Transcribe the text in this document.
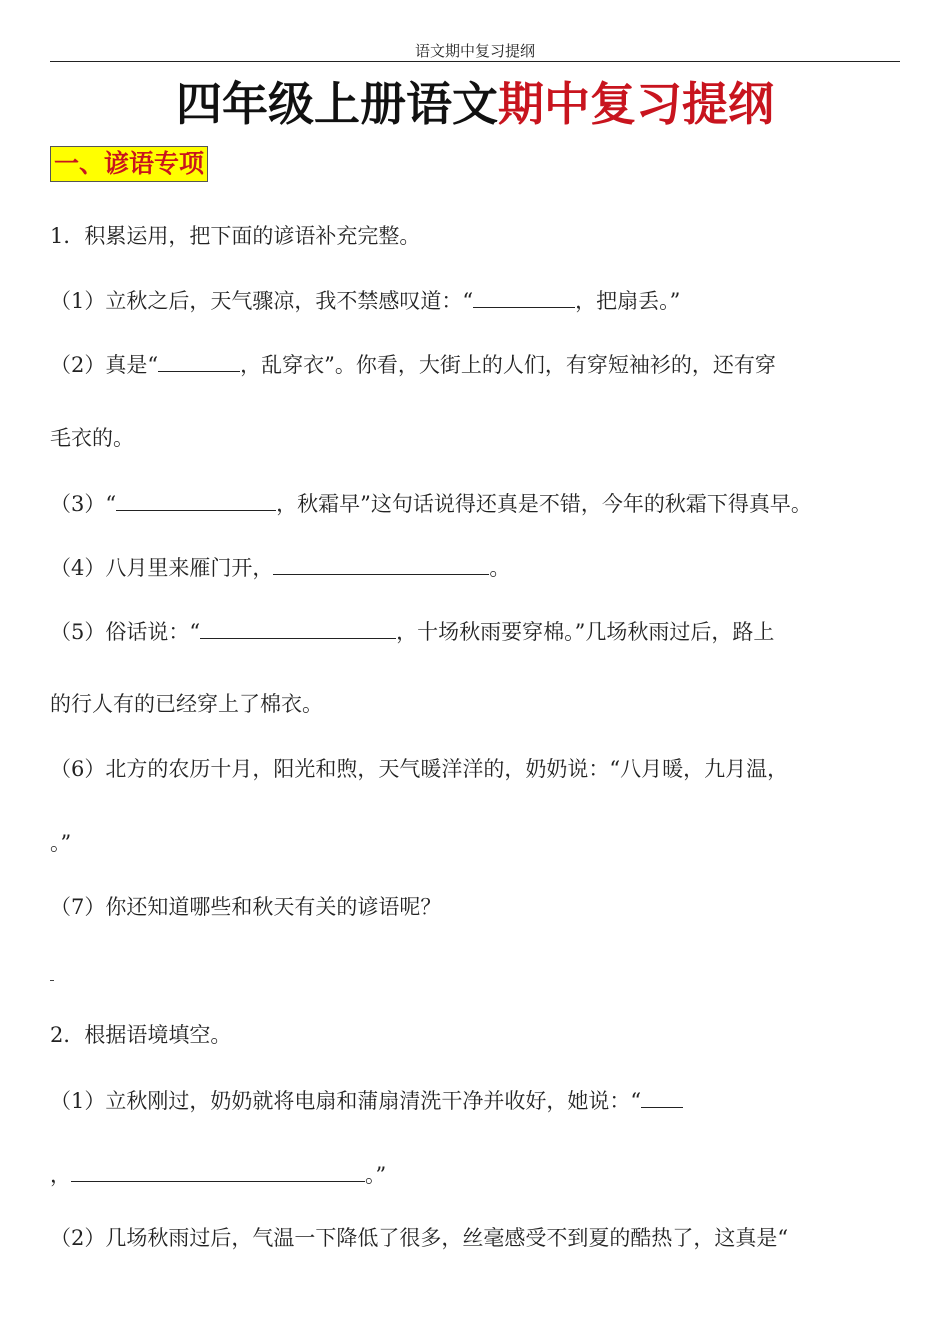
语文期中复习提纲
四年级上册语文期中复习提纲
一、谚语专项
1．积累运用，把下面的谚语补充完整。
（1）立秋之后，天气骤凉，我不禁感叹道：“	，把扇丢。”
（2）真是“	，乱穿衣”。你看，大街上的人们，有穿短袖衫的，还有穿
毛衣的。
（3）“	，秋霜早”这句话说得还真是不错，今年的秋霜下得真早。
（4）八月里来雁门开，	。
（5）俗话说：“	，十场秋雨要穿棉。”几场秋雨过后，路上
的行人有的已经穿上了棉衣。
（6）北方的农历十月，阳光和煦，天气暖洋洋的，奶奶说：“八月暖，九月温，
。”
（7）你还知道哪些和秋天有关的谚语呢？
2．根据语境填空。
（1）立秋刚过，奶奶就将电扇和蒲扇清洗干净并收好，她说：“
，	。”
（2）几场秋雨过后，气温一下降低了很多，丝毫感受不到夏的酷热了，这真是“
